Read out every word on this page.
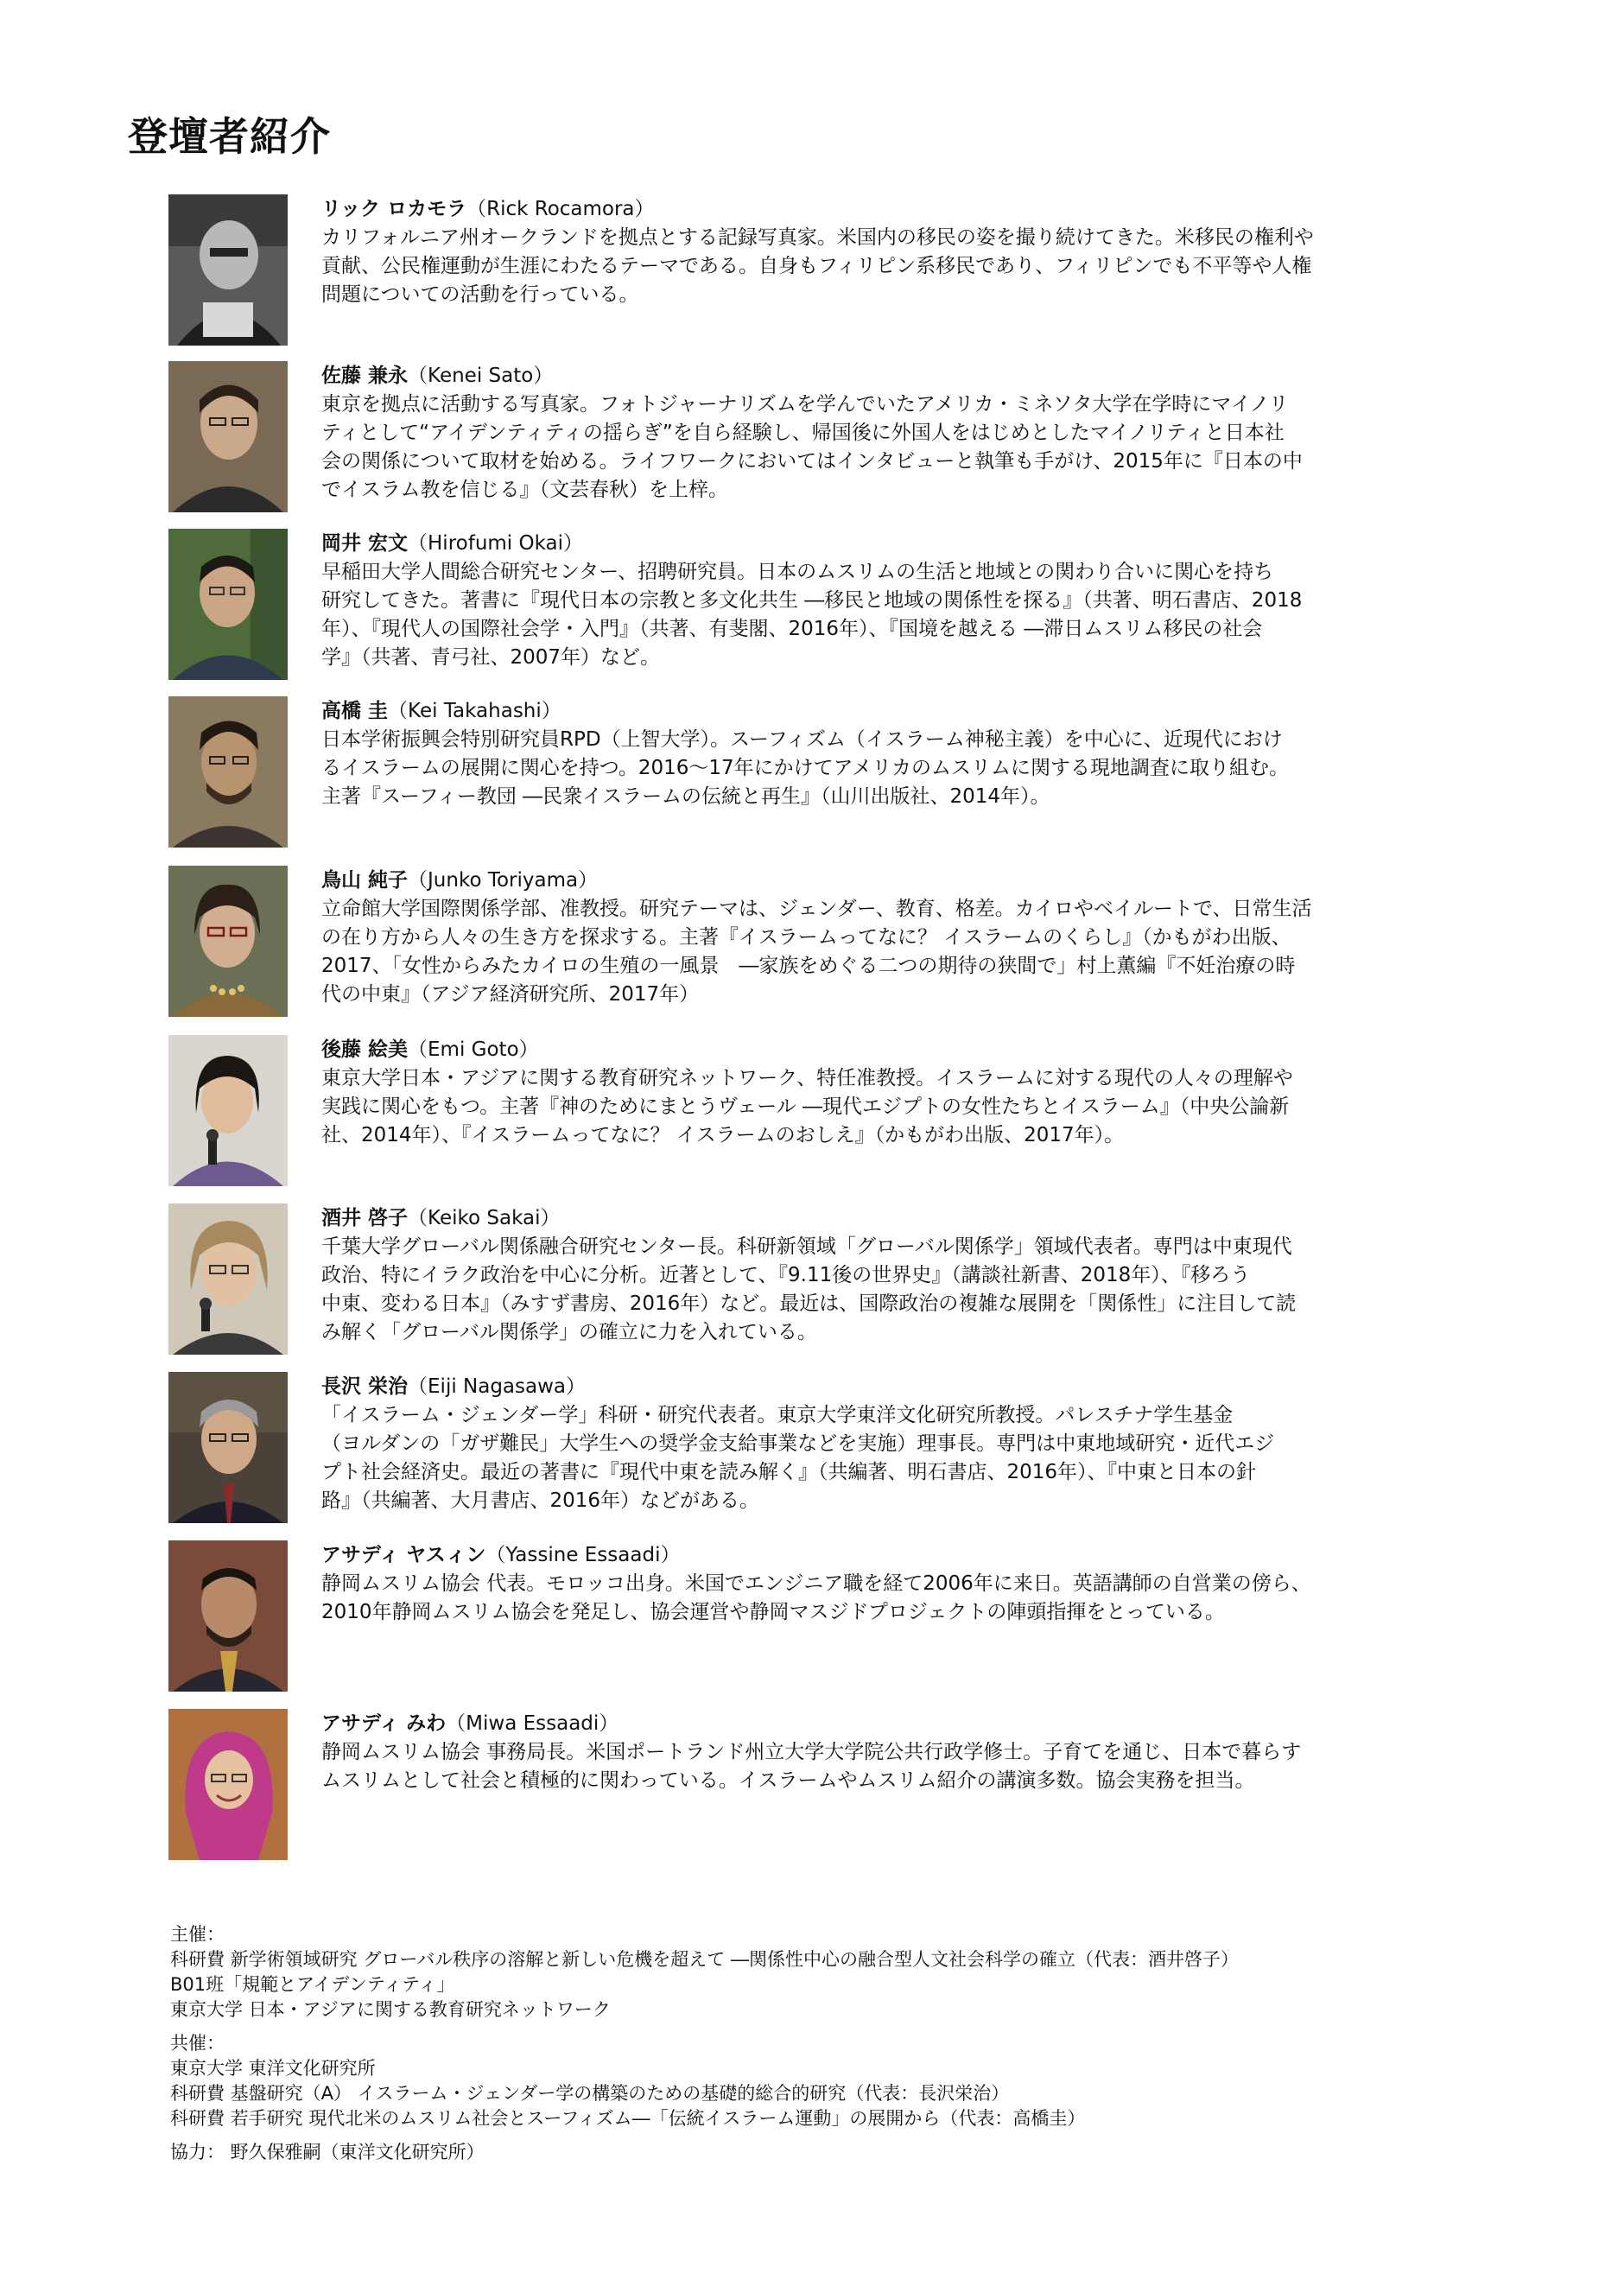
登壇者紹介
リック ロカモラ（Rick Rocamora）

カリフォルニア州オークランドを拠点とする記録写真家。米国内の移民の姿を撮り続けてきた。米移民の権利や
貢献、公民権運動が生涯にわたるテーマである。自身もフィリピン系移民であり、フィリピンでも不平等や人権
問題についての活動を行っている。

佐藤 兼永（Kenei Sato）

東京を拠点に活動する写真家。フォトジャーナリズムを学んでいたアメリカ・ミネソタ大学在学時にマイノリ
ティとして“アイデンティティの揺らぎ”を自ら経験し、帰国後に外国人をはじめとしたマイノリティと日本社
会の関係について取材を始める。ライフワークにおいてはインタビューと執筆も手がけ、2015年に『日本の中
でイスラム教を信じる』（文芸春秋）を上梓。

岡井 宏文（Hirofumi Okai）

早稲田大学人間総合研究センター、招聘研究員。日本のムスリムの生活と地域との関わり合いに関心を持ち
研究してきた。著書に『現代日本の宗教と多文化共生 ―移民と地域の関係性を探る』（共著、明石書店、2018
年）、『現代人の国際社会学・入門』（共著、有斐閣、2016年）、『国境を越える ―滞日ムスリム移民の社会
学』（共著、青弓社、2007年）など。

高橋 圭（Kei Takahashi）

日本学術振興会特別研究員RPD（上智大学）。スーフィズム（イスラーム神秘主義）を中心に、近現代におけ
るイスラームの展開に関心を持つ。2016～17年にかけてアメリカのムスリムに関する現地調査に取り組む。
主著『スーフィー教団 ―民衆イスラームの伝統と再生』（山川出版社、2014年）。

鳥山 純子（Junko Toriyama）

立命館大学国際関係学部、准教授。研究テーマは、ジェンダー、教育、格差。カイロやベイルートで、日常生活
の在り方から人々の生き方を探求する。主著『イスラームってなに？ イスラームのくらし』（かもがわ出版、
2017、「女性からみたカイロの生殖の一風景　―家族をめぐる二つの期待の狭間で」村上薫編『不妊治療の時
代の中東』（アジア経済研究所、2017年）

後藤 絵美（Emi Goto）

東京大学日本・アジアに関する教育研究ネットワーク、特任准教授。イスラームに対する現代の人々の理解や
実践に関心をもつ。主著『神のためにまとうヴェール ―現代エジプトの女性たちとイスラーム』（中央公論新
社、2014年）、『イスラームってなに？ イスラームのおしえ』（かもがわ出版、2017年）。

酒井 啓子（Keiko Sakai）

千葉大学グローバル関係融合研究センター長。科研新領域「グローバル関係学」領域代表者。専門は中東現代
政治、特にイラク政治を中心に分析。近著として、『9.11後の世界史』（講談社新書、2018年）、『移ろう
中東、変わる日本』（みすず書房、2016年）など。最近は、国際政治の複雑な展開を「関係性」に注目して読
み解く「グローバル関係学」の確立に力を入れている。

長沢 栄治（Eiji Nagasawa）

「イスラーム・ジェンダー学」科研・研究代表者。東京大学東洋文化研究所教授。パレスチナ学生基金
（ヨルダンの「ガザ難民」大学生への奨学金支給事業などを実施）理事長。専門は中東地域研究・近代エジ
プト社会経済史。最近の著書に『現代中東を読み解く』（共編著、明石書店、2016年）、『中東と日本の針
路』（共編著、大月書店、2016年）などがある。

アサディ ヤスィン（Yassine Essaadi）

静岡ムスリム協会 代表。モロッコ出身。米国でエンジニア職を経て2006年に来日。英語講師の自営業の傍ら、
2010年静岡ムスリム協会を発足し、協会運営や静岡マスジドプロジェクトの陣頭指揮をとっている。

アサディ みわ（Miwa Essaadi）

静岡ムスリム協会 事務局長。米国ポートランド州立大学大学院公共行政学修士。子育てを通じ、日本で暮らす
ムスリムとして社会と積極的に関わっている。イスラームやムスリム紹介の講演多数。協会実務を担当。

主催：
科研費 新学術領域研究 グローバル秩序の溶解と新しい危機を超えて ―関係性中心の融合型人文社会科学の確立（代表：酒井啓子）
B01班「規範とアイデンティティ」
東京大学 日本・アジアに関する教育研究ネットワーク
共催：
東京大学 東洋文化研究所
科研費 基盤研究（A） イスラーム・ジェンダー学の構築のための基礎的総合的研究（代表：長沢栄治）
科研費 若手研究 現代北米のムスリム社会とスーフィズム―「伝統イスラーム運動」の展開から（代表：高橋圭）
協力： 野久保雅嗣（東洋文化研究所）
